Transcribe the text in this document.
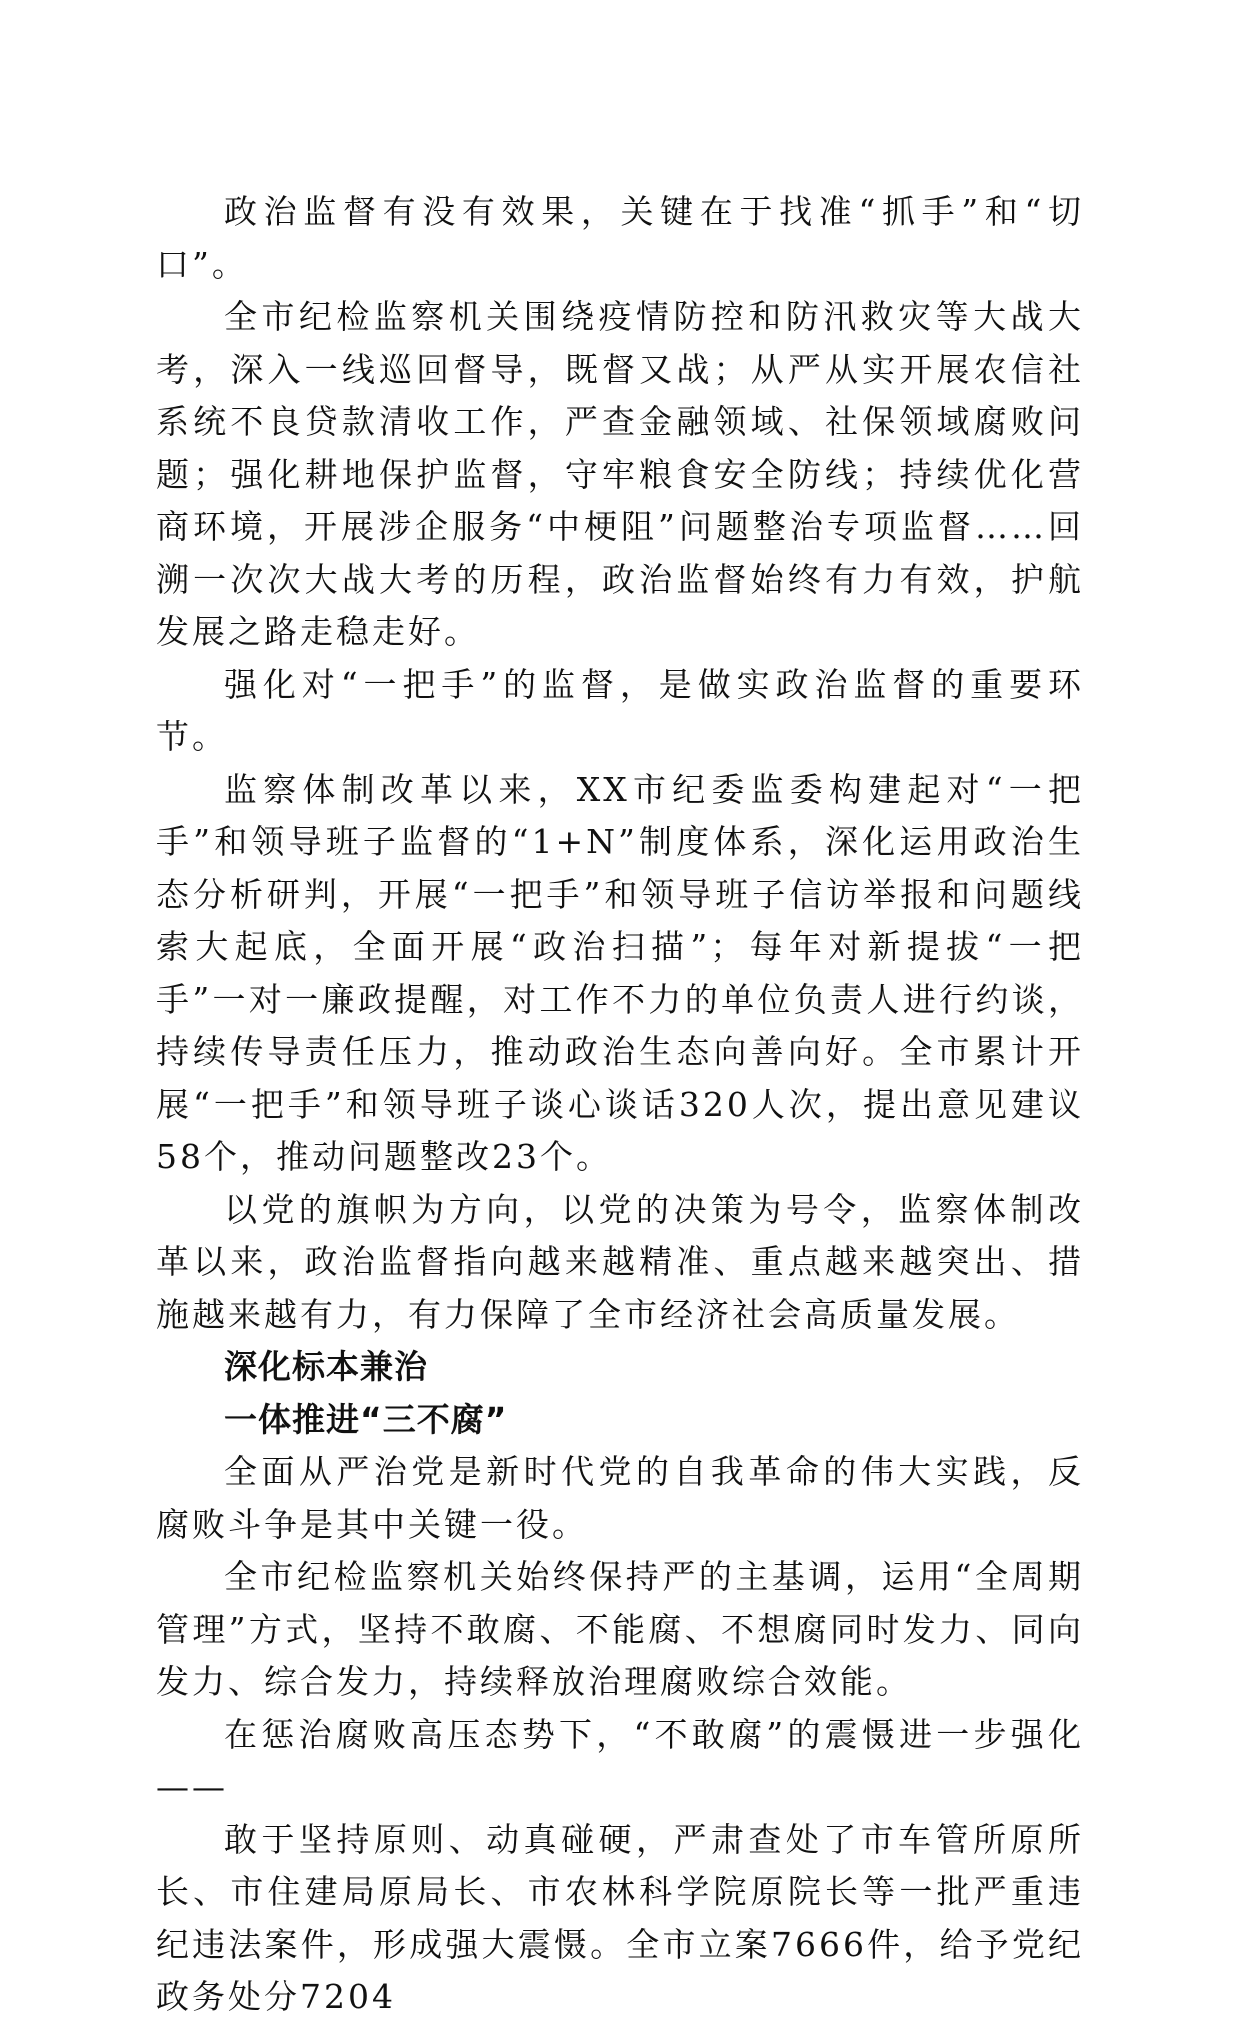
政治监督有没有效果，关键在于找准“抓手”和“切口”。

全市纪检监察机关围绕疫情防控和防汛救灾等大战大考，深入一线巡回督导，既督又战；从严从实开展农信社系统不良贷款清收工作，严查金融领域、社保领域腐败问题；强化耕地保护监督，守牢粮食安全防线；持续优化营商环境，开展涉企服务“中梗阻”问题整治专项监督……回溯一次次大战大考的历程，政治监督始终有力有效，护航发展之路走稳走好。

强化对“一把手”的监督，是做实政治监督的重要环节。

监察体制改革以来，XX市纪委监委构建起对“一把手”和领导班子监督的“1+N”制度体系，深化运用政治生态分析研判，开展“一把手”和领导班子信访举报和问题线索大起底，全面开展“政治扫描”；每年对新提拔“一把手”一对一廉政提醒，对工作不力的单位负责人进行约谈，持续传导责任压力，推动政治生态向善向好。全市累计开展“一把手”和领导班子谈心谈话320人次，提出意见建议58个，推动问题整改23个。

以党的旗帜为方向，以党的决策为号令，监察体制改革以来，政治监督指向越来越精准、重点越来越突出、措施越来越有力，有力保障了全市经济社会高质量发展。

深化标本兼治

一体推进“三不腐”

全面从严治党是新时代党的自我革命的伟大实践，反腐败斗争是其中关键一役。

全市纪检监察机关始终保持严的主基调，运用“全周期管理”方式，坚持不敢腐、不能腐、不想腐同时发力、同向发力、综合发力，持续释放治理腐败综合效能。

在惩治腐败高压态势下，“不敢腐”的震慑进一步强化——

敢于坚持原则、动真碰硬，严肃查处了市车管所原所长、市住建局原局长、市农林科学院原院长等一批严重违纪违法案件，形成强大震慑。全市立案7666件，给予党纪政务处分7204
